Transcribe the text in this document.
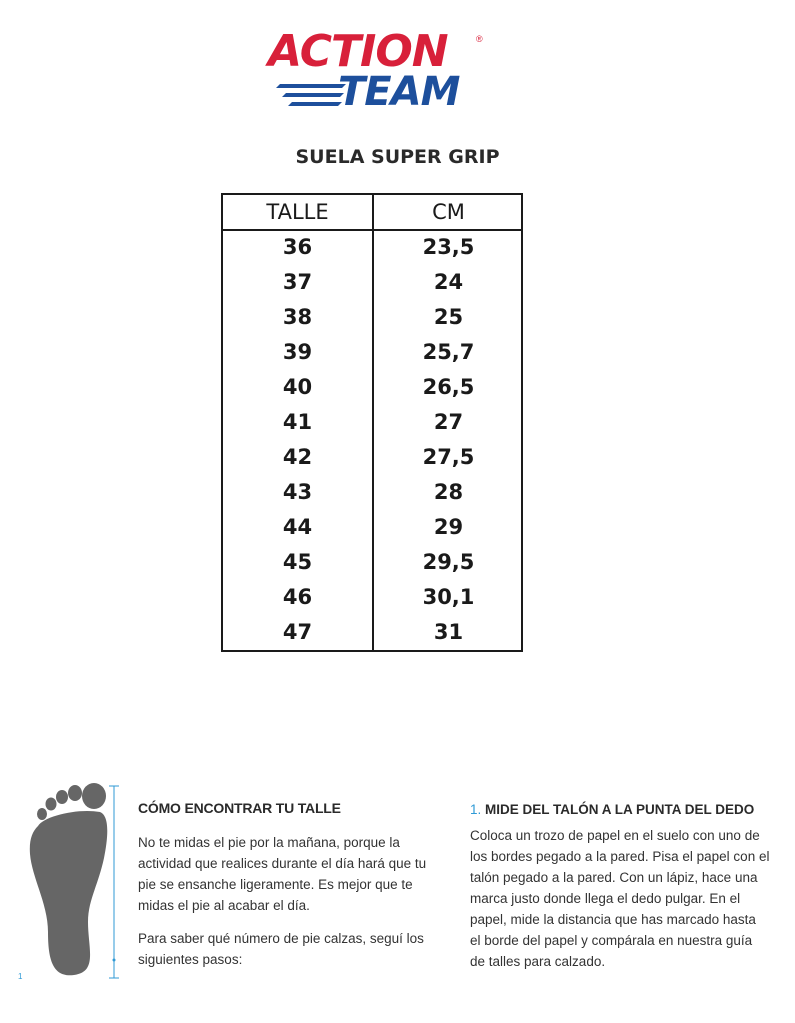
ACTION	®
TEAM
SUELA SUPER GRIP
TALLE	CM
36	23,5
37	24
38	25
39	25,7
40	26,5
41	27
42	27,5
43	28
44	29
45	29,5
46	30,1
47	31
1
CÓMO ENCONTRAR TU TALLE
No te midas el pie por la mañana, porque la actividad que realices durante el día hará que tu pie se ensanche ligeramente. Es mejor que te midas el pie al acabar el día.
Para saber qué número de pie calzas, seguí los siguientes pasos:
1. MIDE DEL TALÓN A LA PUNTA DEL DEDO
Coloca un trozo de papel en el suelo con uno de los bordes pegado a la pared. Pisa el papel con el talón pegado a la pared. Con un lápiz, hace una marca justo donde llega el dedo pulgar. En el papel, mide la distancia que has marcado hasta el borde del papel y compárala en nuestra guía de talles para calzado.
